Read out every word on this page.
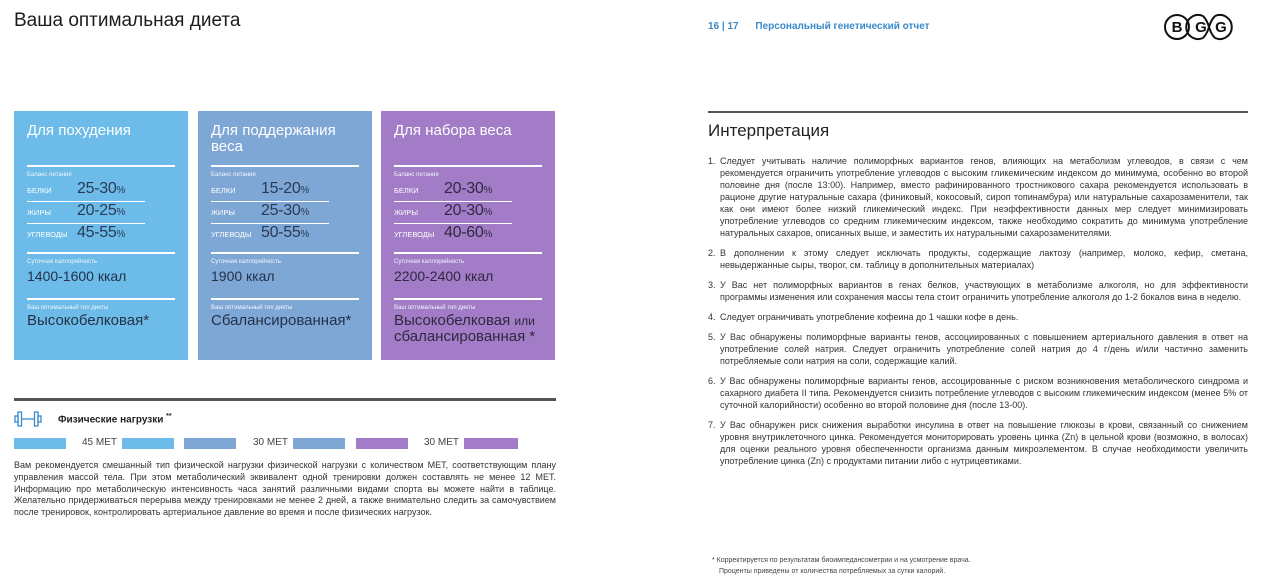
Ваша оптимальная диета
Для похудения
Баланс питания
БЕЛКИ	25-30 %
ЖИРЫ	20-25 %
УГЛЕВОДЫ 45-55 %
Суточная каллорийность
1400-1600 ккал
Ваш оптимальный тип диеты
Высокобелковая*
Для поддержания веса
Баланс питания
БЕЛКИ	15-20 %
ЖИРЫ	25-30 %
УГЛЕВОДЫ 50-55 %
Суточная каллорийность
1900 ккал
Ваш оптимальный тип диеты
Сбалансированная*
Для набора веса
Баланс питания
БЕЛКИ	20-30 %
ЖИРЫ	20-30 %
УГЛЕВОДЫ 40-60 %
Суточная каллорийность
2200-2400 ккал
Ваш оптимальный тип диеты
Высокобелковая или
сбалансированная *
Физические нагрузки **
45 МЕТ	30 МЕТ	30 МЕТ
Вам рекомендуется смешанный тип физической нагрузки физической нагрузки с количеством МЕТ, соответствующим плану управления массой тела. При этом метаболический эквивалент одной тренировки должен составлять не менее 12 МЕТ. Информацию про метаболическую интенсивность часа занятий различными видами спорта вы можете найти в таблице. Желательно придерживаться перерыва между тренировками не менее 2 дней, а также внимательно следить за самочувствием после тренировок, контролировать артериальное давление во время и после физических нагрузок.
16 | 17 Персональный генетический отчет	B G G
Интерпретация
1. Следует учитывать наличие полиморфных вариантов генов, влияющих на метаболизм углеводов, в связи с чем рекомендуется ограничить употребление углеводов с высоким гликемическим индексом до минимума, особенно во второй половине дня (после 13:00). Например, вместо рафинированного тростникового сахара рекомендуется использовать в рационе другие натуральные сахара (финиковый, кокосовый, сироп топинамбура) или натуральные сахарозаменители, так как они имеют более низкий гликемический индекс. При неэффективности данных мер следует минимизировать употребление углеводов со средним гликемическим индексом, также необходимо сократить до минимума употребление натуральных сахаров, описанных выше, и заместить их натуральными сахарозаменителями.
2. В дополнении к этому следует исключать продукты, содержащие лактозу (например, молоко, кефир, сметана, невыдержанные сыры, творог, см. таблицу в дополнительных материалах)
3. У Вас нет полиморфных вариантов в генах белков, участвующих в метаболизме алкоголя, но для эффективности программы изменения или сохранения массы тела стоит ограничить употребление алкоголя до 1-2 бокалов вина в неделю.
4. Следует ограничивать употребление кофеина до 1 чашки кофе в день.
5. У Вас обнаружены полиморфные варианты генов, ассоциированных с повышением артериального давления в ответ на употребление солей натрия. Следует ограничить употребление солей натрия до 4 г/день и/или частично заменить потребляемые соли натрия на соли, содержащие калий.
6. У Вас обнаружены полиморфные варианты генов, ассоцированные с риском возникновения метаболического синдрома и сахарного диабета II типа. Рекомендуется снизить потребление углеводов с высоким гликемическим индексом (менее 5% от суточной калорийности) особенно во второй половине дня (после 13-00).
7. У Вас обнаружен риск снижения выработки инсулина в ответ на повышение глюкозы в крови, связанный со снижением уровня внутриклеточного цинка. Рекомендуется мониторировать уровень цинка (Zn) в цельной крови (возможно, в волосах) для оценки реального уровня обеспеченности организма данным микроэлементом. В случае необходимости увеличить употребление цинка (Zn) с продуктами питании либо с нутрицевтиками.
* Корректируется по результатам биоимпедансометрии и на усмотрение врача.
Проценты приведены от количества потребляемых за сутки калорий.
